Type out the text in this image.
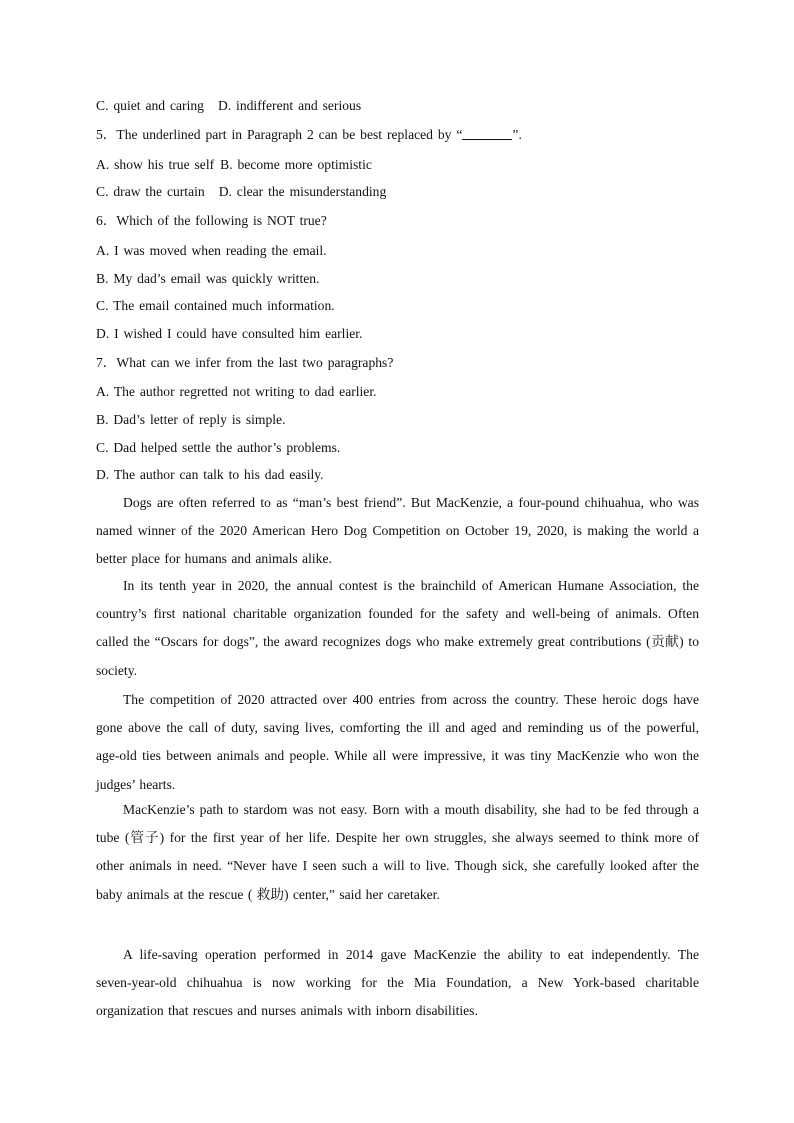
C. quiet and caring D. indifferent and serious
5．The underlined part in Paragraph 2 can be best replaced by “	”.
A. show his true self B. become more optimistic
C. draw the curtain D. clear the misunderstanding
6．Which of the following is NOT true?
A. I was moved when reading the email.
B. My dad’s email was quickly written.
C. The email contained much information.
D. I wished I could have consulted him earlier.
7．What can we infer from the last two paragraphs?
A. The author regretted not writing to dad earlier.
B. Dad’s letter of reply is simple.
C. Dad helped settle the author’s problems.
D. The author can talk to his dad easily.
Dogs are often referred to as “man’s best friend”. But MacKenzie, a four-pound chihuahua, who was named winner of the 2020 American Hero Dog Competition on October 19, 2020, is making the world a better place for humans and animals alike.
In its tenth year in 2020, the annual contest is the brainchild of American Humane Association, the country’s first national charitable organization founded for the safety and well-being of animals. Often called the “Oscars for dogs”, the award recognizes dogs who make extremely great contributions (贡献) to society.
The competition of 2020 attracted over 400 entries from across the country. These heroic dogs have gone above the call of duty, saving lives, comforting the ill and aged and reminding us of the powerful, age-old ties between animals and people. While all were impressive, it was tiny MacKenzie who won the judges’ hearts.
MacKenzie’s path to stardom was not easy. Born with a mouth disability, she had to be fed through a tube (管子) for the first year of her life. Despite her own struggles, she always seemed to think more of other animals in need. “Never have I seen such a will to live. Though sick, she carefully looked after the baby animals at the rescue ( 救助) center,” said her caretaker.
A life-saving operation performed in 2014 gave MacKenzie the ability to eat independently. The seven-year-old chihuahua is now working for the Mia Foundation, a New York-based charitable organization that rescues and nurses animals with inborn disabilities.
